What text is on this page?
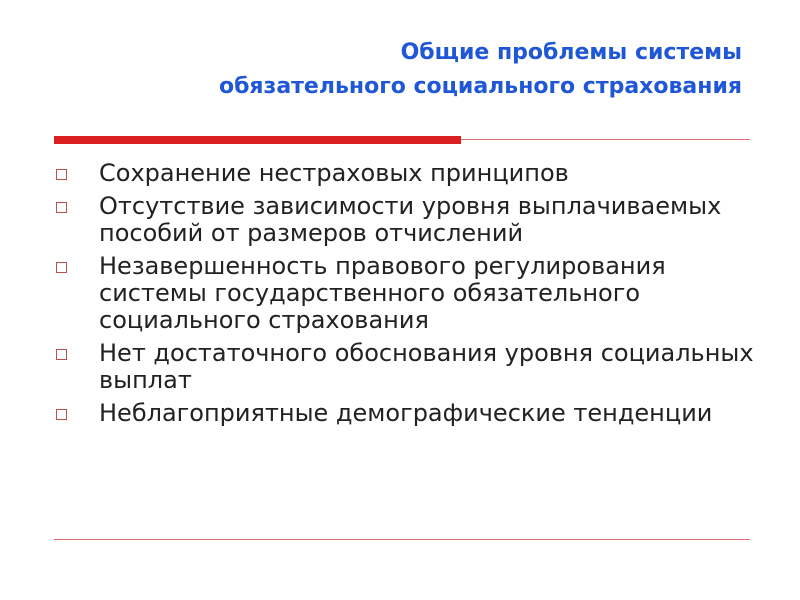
Общие проблемы системы
обязательного социального страхования
Сохранение нестраховых принципов
Отсутствие зависимости уровня выплачиваемых пособий от размеров отчислений
Незавершенность правового регулирования системы государственного обязательного социального страхования
Нет достаточного обоснования уровня социальных выплат
Неблагоприятные демографические тенденции
